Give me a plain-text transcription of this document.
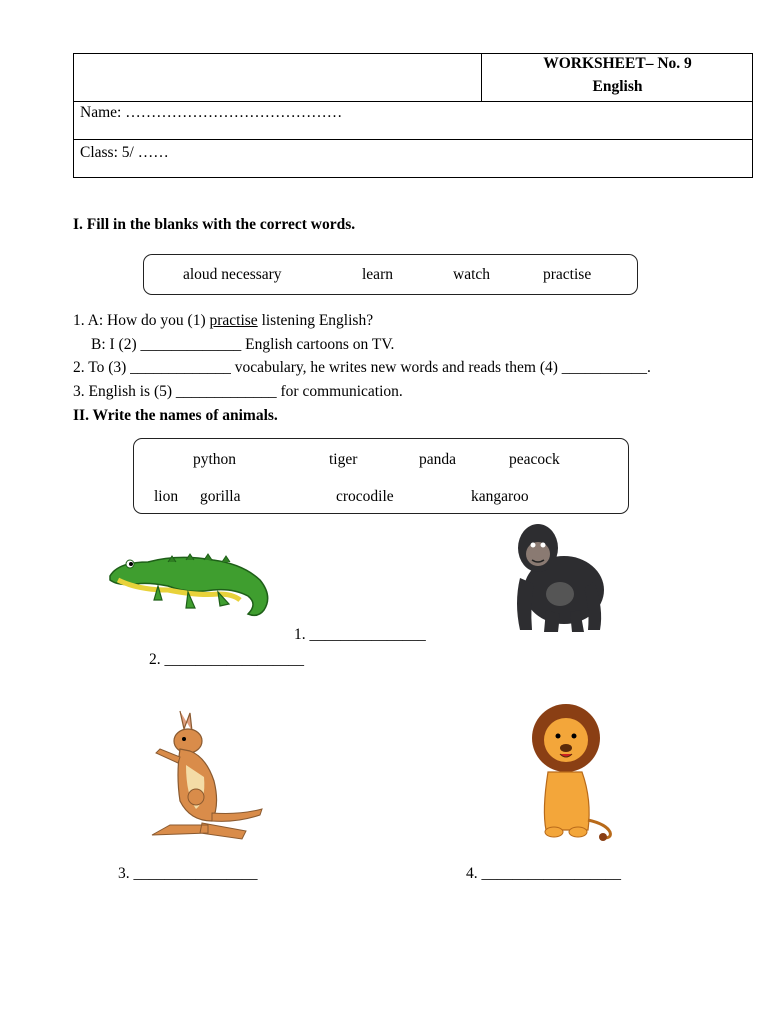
WORKSHEET– No. 9
English
Name: ……………………………………
Class: 5/ ……
I. Fill in the blanks with the correct words.
aloud necessary	learn	watch	practise
1. A: How do you (1) practise listening English?
B: I (2) _____________ English cartoons on TV.
2. To (3) _____________ vocabulary, he writes new words and reads them (4) ___________.
3. English is (5) _____________ for communication.
II. Write the names of animals.
python	tiger	panda	peacock
lion gorilla	crocodile	kangaroo
1. _______________
2. __________________
3. ________________	4. __________________
